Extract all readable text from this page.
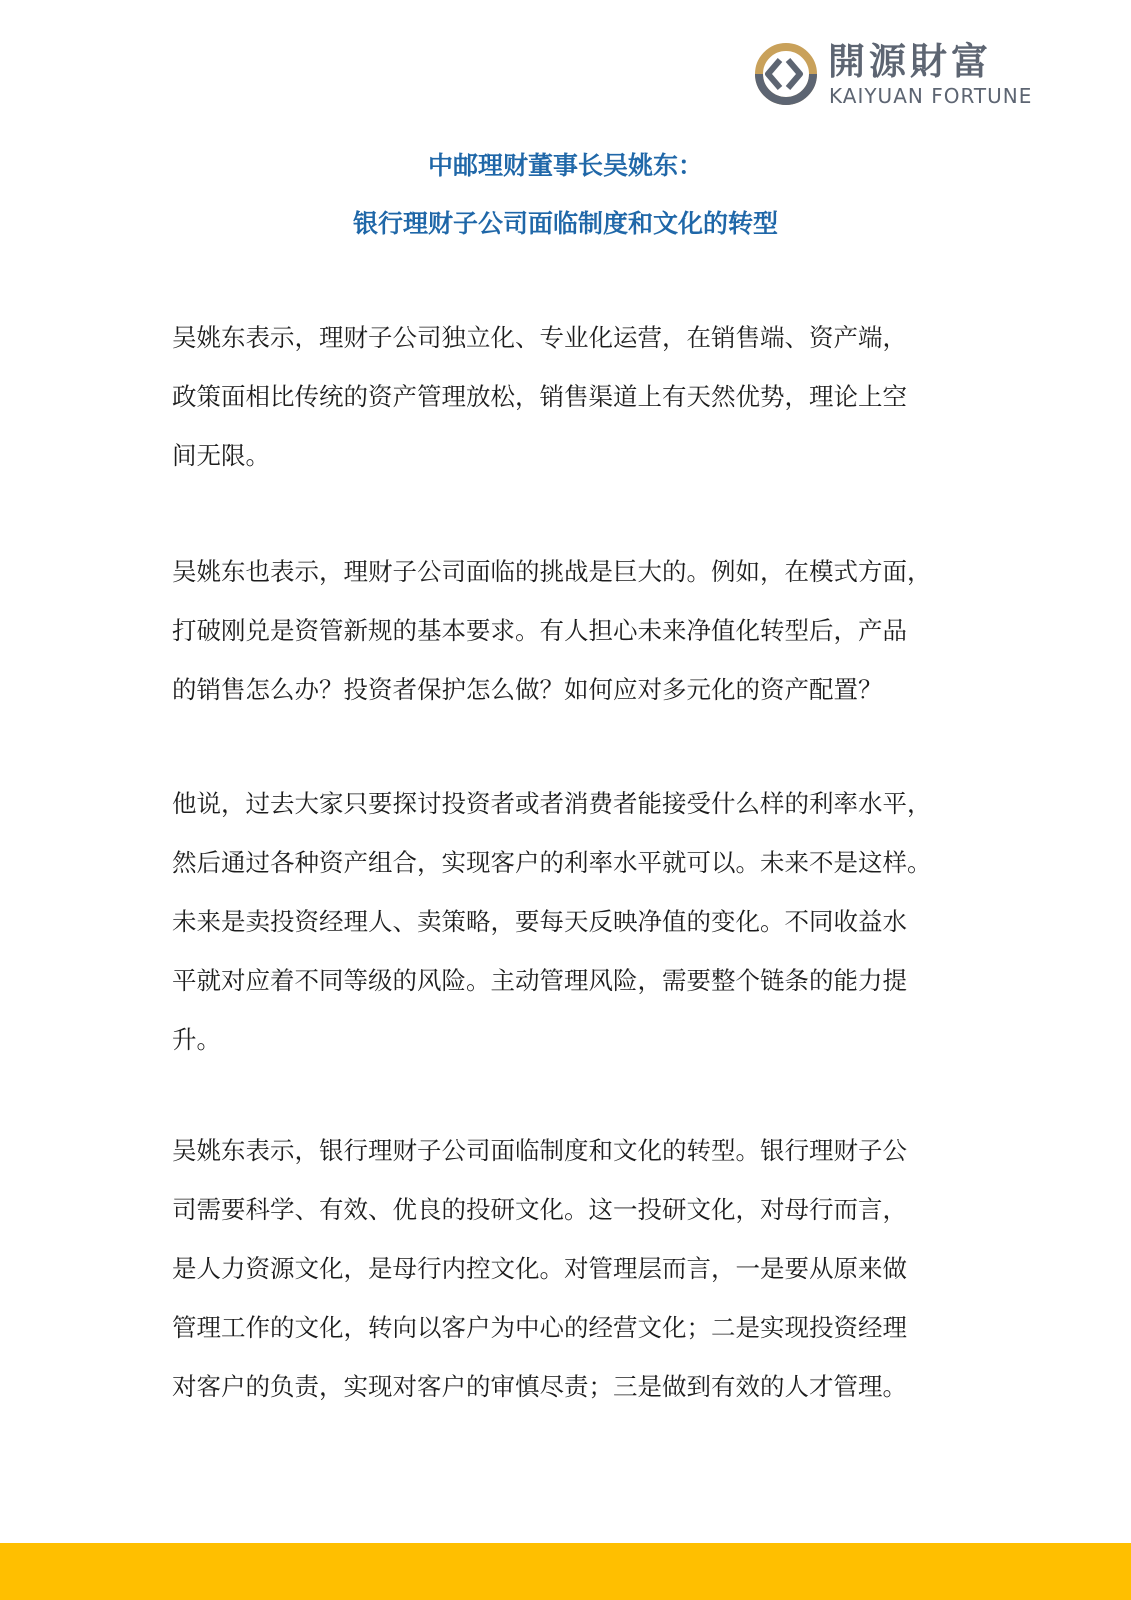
開源財富
KAIYUAN FORTUNE
中邮理财董事长吴姚东：
银行理财子公司面临制度和文化的转型
吴姚东表示，理财子公司独立化、专业化运营，在销售端、资产端，
政策面相比传统的资产管理放松，销售渠道上有天然优势，理论上空
间无限。
吴姚东也表示，理财子公司面临的挑战是巨大的。例如，在模式方面，
打破刚兑是资管新规的基本要求。有人担心未来净值化转型后，产品
的销售怎么办？投资者保护怎么做？如何应对多元化的资产配置？
他说，过去大家只要探讨投资者或者消费者能接受什么样的利率水平，
然后通过各种资产组合，实现客户的利率水平就可以。未来不是这样。
未来是卖投资经理人、卖策略，要每天反映净值的变化。不同收益水
平就对应着不同等级的风险。主动管理风险，需要整个链条的能力提
升。
吴姚东表示，银行理财子公司面临制度和文化的转型。银行理财子公
司需要科学、有效、优良的投研文化。这一投研文化，对母行而言，
是人力资源文化，是母行内控文化。对管理层而言，一是要从原来做
管理工作的文化，转向以客户为中心的经营文化；二是实现投资经理
对客户的负责，实现对客户的审慎尽责；三是做到有效的人才管理。
